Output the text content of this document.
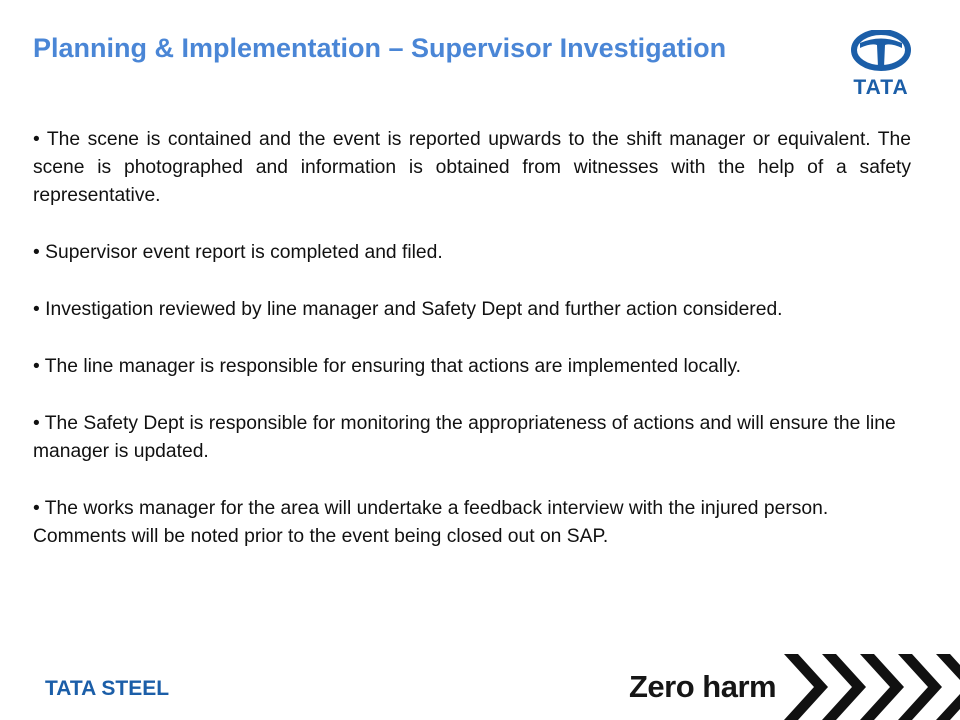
Planning & Implementation – Supervisor Investigation
TATA

• The scene is contained and the event is reported upwards to the shift manager or equivalent. The scene is photographed and information is obtained from witnesses with the help of a safety representative.

• Supervisor event report is completed and filed.

• Investigation reviewed by line manager and Safety Dept and further action considered.

• The line manager is responsible for ensuring that actions are implemented locally.

• The Safety Dept is responsible for monitoring the appropriateness of actions and will ensure the line manager is updated.

• The works manager for the area will undertake a feedback interview with the injured person. Comments will be noted prior to the event being closed out on SAP.

TATA STEEL	Zero harm
